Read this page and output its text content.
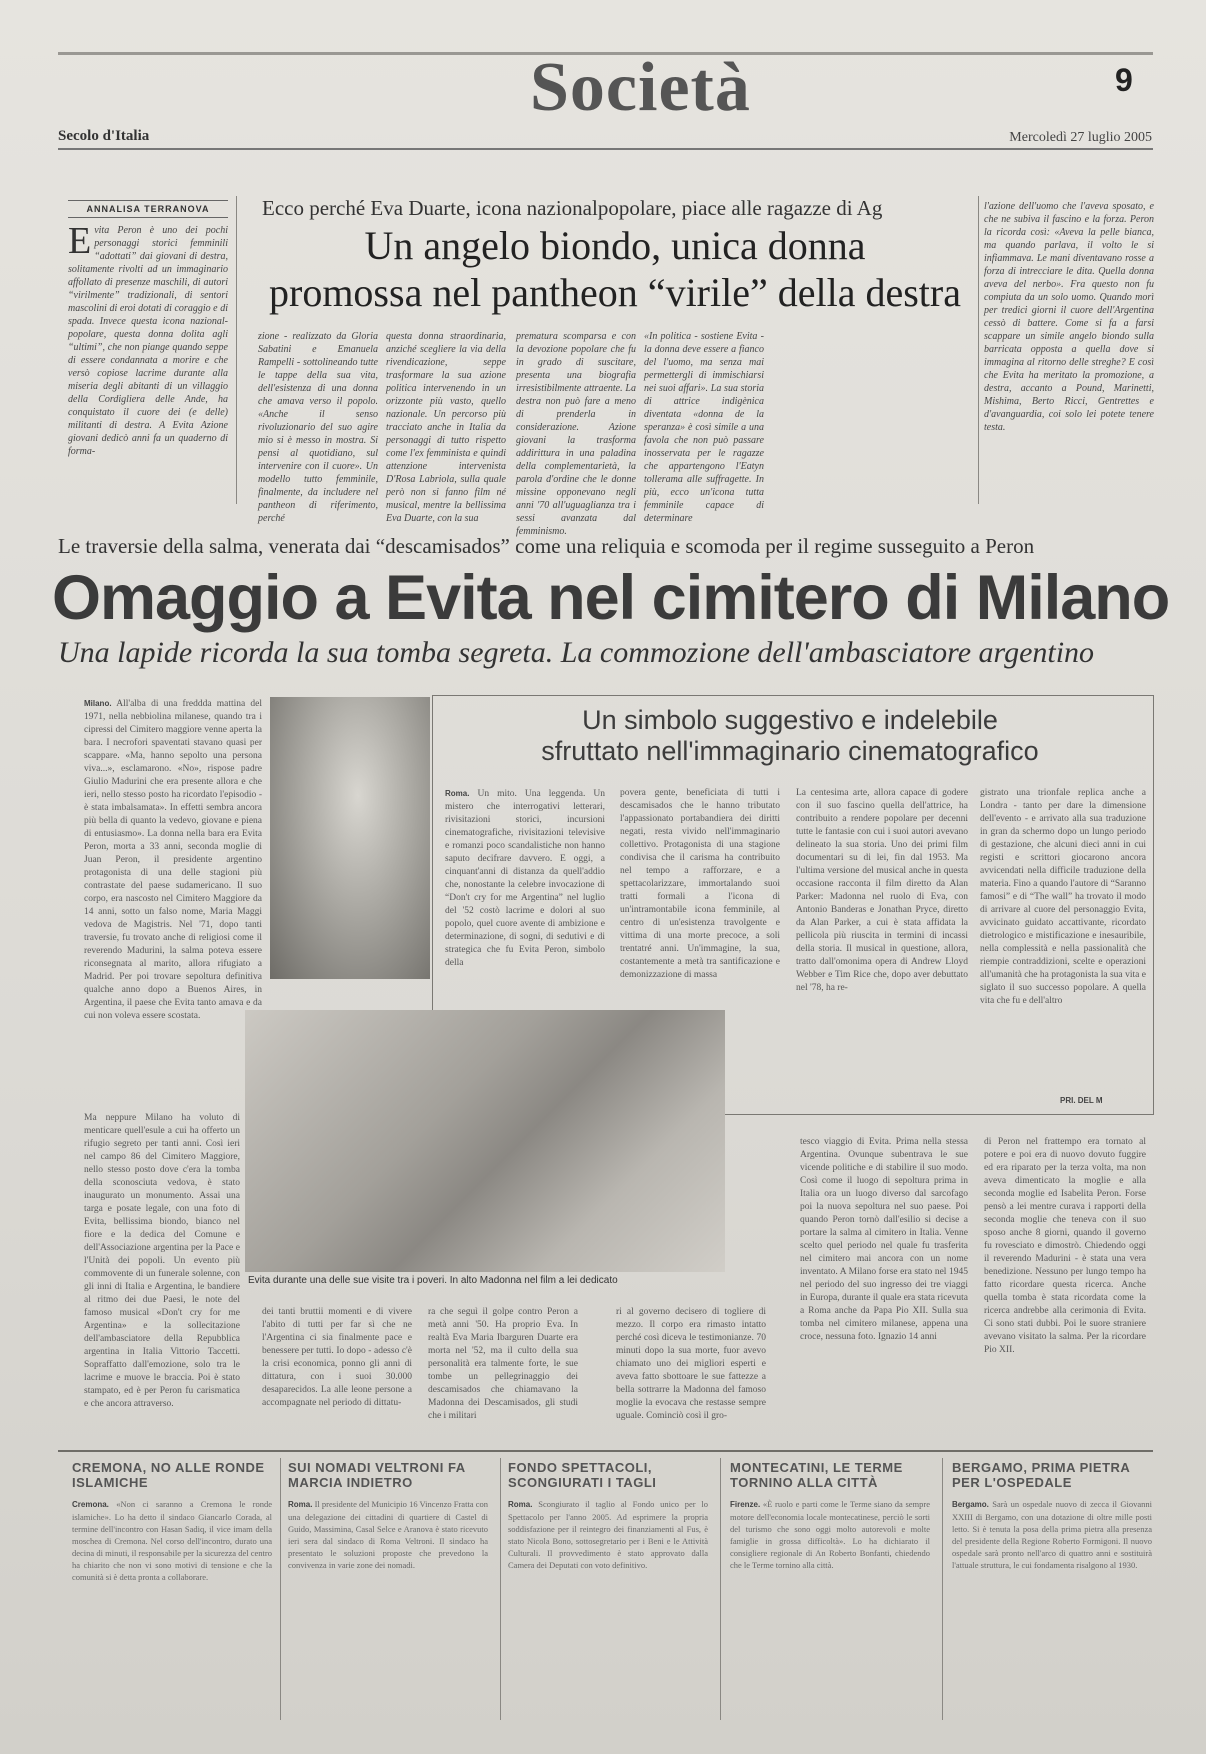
Società	9
Secolo d'Italia	Mercoledì 27 luglio 2005
ANNALISA TERRANOVA	Ecco perché Eva Duarte, icona nazionalpopolare, piace alle ragazze di Ag
Un angelo biondo, unica donna
promossa nel pantheon “virile” della destra
Evita Peron è uno dei pochi personaggi storici femminili “adottati” dai giovani di destra, solitamente rivolti ad un immaginario affollato di presenze maschili, di autori “virilmente” tradizionali, di sentori mascolini di eroi dotati di coraggio e di spada. Invece questa icona nazional-popolare, questa donna dolita agli “ultimi”, che non piange quando seppe di essere condannata a morire e che versò copiose lacrime durante alla miseria degli abitanti di un villaggio della Cordigliera delle Ande, ha conquistato il cuore dei (e delle) militanti di destra. A Evita Azione giovani dedicò anni fa un quaderno di forma-
zione - realizzato da Gloria Sabatini e Emanuela Rampelli - sottolineando tutte le tappe della sua vita, dell'esistenza di una donna che amava verso il popolo. «Anche il senso rivoluzionario del suo agire mio si è messo in mostra. Si pensi al quotidiano, sul intervenire con il cuore». Un modello tutto femminile, finalmente, da includere nel pantheon di riferimento, perché
questa donna straordinaria, anziché scegliere la via della rivendicazione, seppe trasformare la sua azione politica intervenendo in un orizzonte più vasto, quello nazionale. Un percorso più tracciato anche in Italia da personaggi di tutto rispetto come l'ex femminista e quindi attenzione intervenista D'Rosa Labriola, sulla quale però non si fanno film né musical, mentre la bellissima Eva Duarte, con la sua
prematura scomparsa e con la devozione popolare che fu in grado di suscitare, presenta una biografia irresistibilmente attraente. La destra non può fare a meno di prenderla in considerazione. Azione giovani la trasforma addirittura in una paladina della complementarietà, la parola d'ordine che le donne missine opponevano negli anni '70 all'uguaglianza tra i sessi avanzata dal femminismo.
«In politica - sostiene Evita - la donna deve essere a fianco del l'uomo, ma senza mai permettergli di immischiarsi nei suoi affari». La sua storia di attrice indigènica diventata «donna de la speranza» è così simile a una favola che non può passare inosservata per le ragazze che appartengono l'Eatyn tollerama alle suffragette. In più, ecco un'icona tutta femminile capace di determinare
l'azione dell'uomo che l'aveva sposato, e che ne subiva il fascino e la forza. Peron la ricorda così: «Aveva la pelle bianca, ma quando parlava, il volto le si infiammava. Le mani diventavano rosse a forza di intrecciare le dita. Quella donna aveva del nerbo». Fra questo non fu compiuta da un solo uomo. Quando morì per tredici giorni il cuore dell'Argentina cessò di battere. Come si fa a farsi scappare un simile angelo biondo sulla barricata opposta a quella dove si immagina al ritorno delle streghe? E così che Evita ha meritato la promozione, a destra, accanto a Pound, Marinetti, Mishima, Berto Ricci, Gentrettes e d'avanguardia, coi solo lei potete tenere testa.
Le traversie della salma, venerata dai “descamisados” come una reliquia e scomoda per il regime susseguito a Peron
Omaggio a Evita nel cimitero di Milano
Una lapide ricorda la sua tomba segreta. La commozione dell'ambasciatore argentino
Milano. All'alba di una freddda mattina del 1971, nella nebbiolina milanese, quando tra i cipressi del Cimitero maggiore venne aperta la bara. I necrofori spaventati stavano quasi per scappare. «Ma, hanno sepolto una persona viva...», esclamarono. «No», rispose padre Giulio Madurini che era presente allora e che ieri, nello stesso posto ha ricordato l'episodio - è stata imbalsamata». In effetti sembra ancora più bella di quanto la vedevo, giovane e piena di entusiasmo». La donna nella bara era Evita Peron, morta a 33 anni, seconda moglie di Juan Peron, il presidente argentino protagonista di una delle stagioni più contrastate del paese sudamericano. Il suo corpo, era nascosto nel Cimitero Maggiore da 14 anni, sotto un falso nome, Maria Maggi vedova de Magistris. Nel '71, dopo tanti traversie, fu trovato anche di religiosi come il reverendo Madurini, la salma poteva essere riconsegnata al marito, allora rifugiato a Madrid. Per poi trovare sepoltura definitiva qualche anno dopo a Buenos Aires, in Argentina, il paese che Evita tanto amava e da cui non voleva essere scostata.
Ma neppure Milano ha voluto di menticare quell'esule a cui ha offerto un rifugio segreto per tanti anni. Così ieri nel campo 86 del Cimitero Maggiore, nello stesso posto dove c'era la tomba della sconosciuta vedova, è stato inaugurato un monumento. Assai una targa e posate legale, con una foto di Evita, bellissima biondo, bianco nel fiore e la dedica del Comune e dell'Associazione argentina per la Pace e l'Unità dei popoli. Un evento più commovente di un funerale solenne, con gli inni di Italia e Argentina, le bandiere al ritmo dei due Paesi, le note del famoso musical «Don't cry for me Argentina» e la sollecitazione dell'ambasciatore della Repubblica argentina in Italia Vittorio Taccetti. Sopraffatto dall'emozione, solo tra le lacrime e muove le braccia. Poi è stato stampato, ed è per Peron fu carismatica e che ancora attraverso.
Un simbolo suggestivo e indelebile
sfruttato nell'immaginario cinematografico
Roma. Un mito. Una leggenda. Un mistero che interrogativi letterari, rivisitazioni storici, incursioni cinematografiche, rivisitazioni televisive e romanzi poco scandalistiche non hanno saputo decifrare davvero. E oggi, a cinquant'anni di distanza da quell'addio che, nonostante la celebre invocazione di “Don't cry for me Argentina” nel luglio del '52 costò lacrime e dolori al suo popolo, quel cuore avente di ambizione e determinazione, di sogni, di sedutivi e di strategica che fu Evita Peron, simbolo della
povera gente, beneficiata di tutti i descamisados che le hanno tributato l'appassionato portabandiera dei diritti negati, resta vivido nell'immaginario collettivo. Protagonista di una stagione condivisa che il carisma ha contribuito nel tempo a rafforzare, e a spettacolarizzare, immortalando suoi tratti formali a l'icona di un'intramontabile icona femminile, al centro di un'esistenza travolgente e vittima di una morte precoce, a soli trentatré anni. Un'immagine, la sua, costantemente a metà tra santificazione e demonizzazione di massa
La centesima arte, allora capace di godere con il suo fascino quella dell'attrice, ha contribuito a rendere popolare per decenni tutte le fantasie con cui i suoi autori avevano delineato la sua storia. Uno dei primi film documentari su di lei, fin dal 1953. Ma l'ultima versione del musical anche in questa occasione racconta il film diretto da Alan Parker: Madonna nel ruolo di Eva, con Antonio Banderas e Jonathan Pryce, diretto da Alan Parker, a cui è stata affidata la pellicola più riuscita in termini di incassi della storia. Il musical in questione, allora, tratto dall'omonima opera di Andrew Lloyd Webber e Tim Rice che, dopo aver debuttato nel '78, ha re-
gistrato una trionfale replica anche a Londra - tanto per dare la dimensione dell'evento - e arrivato alla sua traduzione in gran da schermo dopo un lungo periodo di gestazione, che alcuni dieci anni in cui registi e scrittori giocarono ancora avvicendati nella difficile traduzione della materia. Fino a quando l'autore di “Saranno famosi” e di “The wall” ha trovato il modo di arrivare al cuore del personaggio Evita, avvicinato guidato accattivante, ricordato dietrologico e mistificazione e inesauribile, nella complessità e nella passionalità che riempie contraddizioni, scelte e operazioni all'umanità che ha protagonista la sua vita e siglato il suo successo popolare. A quella vita che fu e dell'altro
PRI. DEL M
Evita durante una delle sue visite tra i poveri. In alto Madonna nel film a lei dedicato
dei tanti bruttii momenti e di vivere l'abito di tutti per far sì che ne l'Argentina ci sia finalmente pace e benessere per tutti. Io dopo - adesso c'è la crisi economica, ponno gli anni di dittatura, con i suoi 30.000 desaparecidos. La alle leone persone a accompagnate nel periodo di dittatu-
ra che seguì il golpe contro Peron a metà anni '50. Ha proprio Eva. In realtà Eva Maria Ibarguren Duarte era morta nel '52, ma il culto della sua personalità era talmente forte, le sue tombe un pellegrinaggio dei descamisados che chiamavano la Madonna dei Descamisados, gli studi che i militari
ri al governo decisero di togliere di mezzo. Il corpo era rimasto intatto perché così diceva le testimonianze. 70 minuti dopo la sua morte, fuor avevo chiamato uno dei migliori esperti e aveva fatto sbottoare le sue fattezze a bella sottrarre la Madonna del famoso moglie la evocava che restasse sempre uguale. Cominciò così il gro-
tesco viaggio di Evita. Prima nella stessa Argentina. Ovunque subentrava le sue vicende politiche e di stabilire il suo modo. Così come il luogo di sepoltura prima in Italia ora un luogo diverso dal sarcofago poi la nuova sepoltura nel suo paese. Poi quando Peron tornò dall'esilio si decise a portare la salma al cimitero in Italia. Venne scelto quel periodo nel quale fu trasferita nel cimitero mai ancora con un nome inventato. A Milano forse era stato nel 1945 nel periodo del suo ingresso dei tre viaggi in Europa, durante il quale era stata ricevuta a Roma anche da Papa Pio XII. Sulla sua tomba nel cimitero milanese, appena una croce, nessuna foto. Ignazio 14 anni
di Peron nel frattempo era tornato al potere e poi era di nuovo dovuto fuggire ed era riparato per la terza volta, ma non aveva dimenticato la moglie e alla seconda moglie ed Isabelita Peron. Forse pensò a lei mentre curava i rapporti della seconda moglie che teneva con il suo sposo anche 8 giorni, quando il governo fu rovesciato e dimostrò. Chiedendo oggi il reverendo Madurini - è stata una vera benedizione. Nessuno per lungo tempo ha fatto ricordare questa ricerca. Anche quella tomba è stata ricordata come la ricerca andrebbe alla cerimonia di Evita. Ci sono stati dubbi. Poi le suore straniere avevano visitato la salma. Per la ricordare Pio XII.
CREMONA, NO ALLE RONDE ISLAMICHE
Cremona. «Non ci saranno a Cremona le ronde islamiche». Lo ha detto il sindaco Giancarlo Corada, al termine dell'incontro con Hasan Sadiq, il vice imam della moschea di Cremona. Nel corso dell'incontro, durato una decina di minuti, il responsabile per la sicurezza del centro ha chiarito che non vi sono motivi di tensione e che la comunità si è detta pronta a collaborare.
SUI NOMADI VELTRONI FA MARCIA INDIETRO
Roma. Il presidente del Municipio 16 Vincenzo Fratta con una delegazione dei cittadini di quartiere di Castel di Guido, Massimina, Casal Selce e Aranova è stato ricevuto ieri sera dal sindaco di Roma Veltroni. Il sindaco ha presentato le soluzioni proposte che prevedono la convivenza in varie zone dei nomadi.
FONDO SPETTACOLI, SCONGIURATI I TAGLI
Roma. Scongiurato il taglio al Fondo unico per lo Spettacolo per l'anno 2005. Ad esprimere la propria soddisfazione per il reintegro dei finanziamenti al Fus, è stato Nicola Bono, sottosegretario per i Beni e le Attività Culturali. Il provvedimento è stato approvato dalla Camera dei Deputati con voto definitivo.
MONTECATINI, LE TERME TORNINO ALLA CITTÀ
Firenze. «È ruolo e parti come le Terme siano da sempre motore dell'economia locale montecatinese, perciò le sorti del turismo che sono oggi molto autorevoli e molte famiglie in grossa difficoltà». Lo ha dichiarato il consigliere regionale di An Roberto Bonfanti, chiedendo che le Terme tornino alla città.
BERGAMO, PRIMA PIETRA PER L'OSPEDALE
Bergamo. Sarà un ospedale nuovo di zecca il Giovanni XXIII di Bergamo, con una dotazione di oltre mille posti letto. Si è tenuta la posa della prima pietra alla presenza del presidente della Regione Roberto Formigoni. Il nuovo ospedale sarà pronto nell'arco di quattro anni e sostituirà l'attuale struttura, le cui fondamenta risalgono al 1930.
